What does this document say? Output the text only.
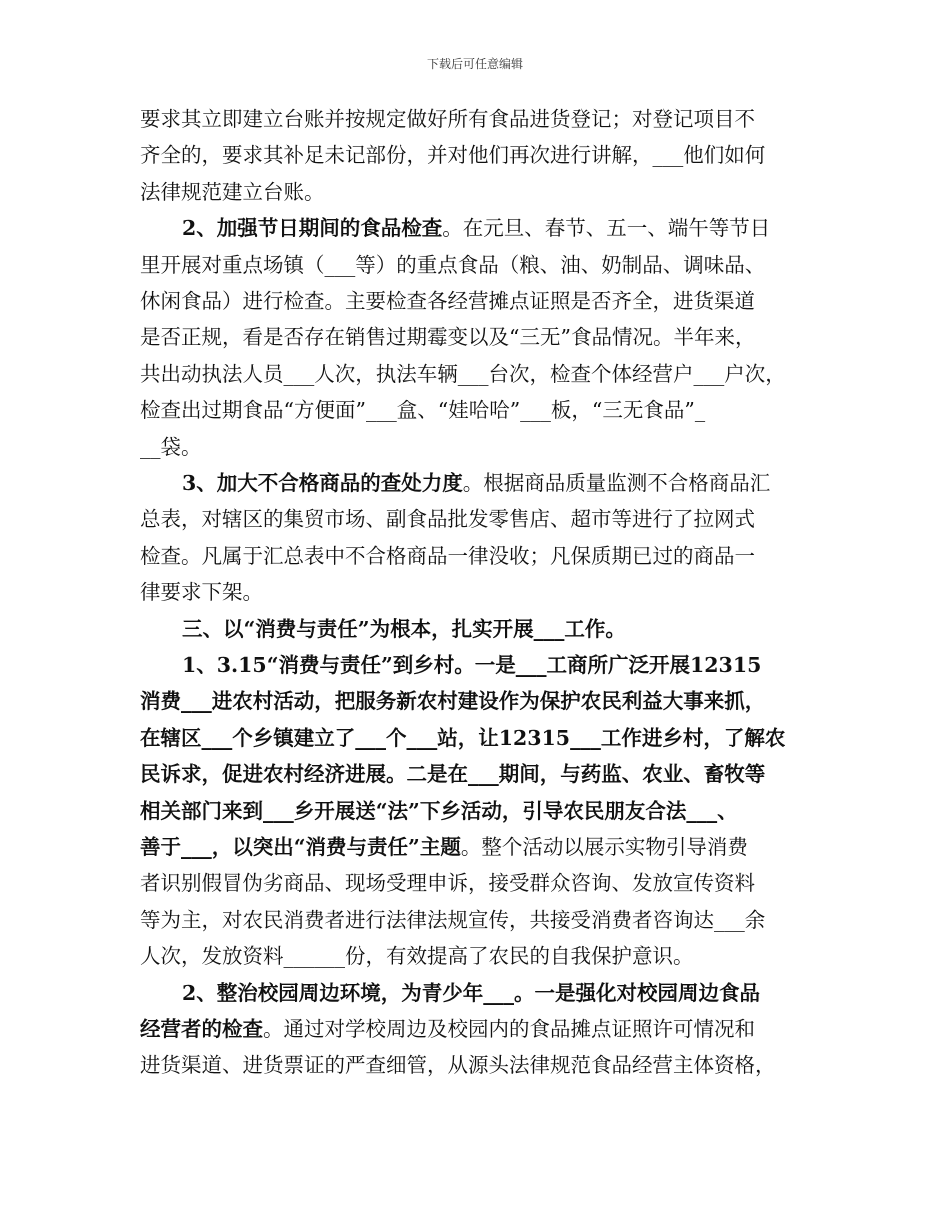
下载后可任意编辑
要求其立即建立台账并按规定做好所有食品进货登记；对登记项目不
齐全的，要求其补足未记部份，并对他们再次进行讲解，___他们如何
法律规范建立台账。
2、加强节日期间的食品检查。在元旦、春节、五一、端午等节日
里开展对重点场镇（___等）的重点食品（粮、油、奶制品、调味品、
休闲食品）进行检查。主要检查各经营摊点证照是否齐全，进货渠道
是否正规，看是否存在销售过期霉变以及“三无”食品情况。半年来，
共出动执法人员___人次，执法车辆___台次，检查个体经营户___户次，
检查出过期食品“方便面”___盒、“娃哈哈”___板，“三无食品”_
__袋。
3、加大不合格商品的查处力度。根据商品质量监测不合格商品汇
总表，对辖区的集贸市场、副食品批发零售店、超市等进行了拉网式
检查。凡属于汇总表中不合格商品一律没收；凡保质期已过的商品一
律要求下架。
三、以“消费与责任”为根本，扎实开展___工作。
1、3.15“消费与责任”到乡村。一是___工商所广泛开展12315
消费___进农村活动，把服务新农村建设作为保护农民利益大事来抓，
在辖区___个乡镇建立了___个___站，让12315___工作进乡村，了解农
民诉求，促进农村经济进展。二是在___期间，与药监、农业、畜牧等
相关部门来到___乡开展送“法”下乡活动，引导农民朋友合法___、
善于___，以突出“消费与责任”主题。整个活动以展示实物引导消费
者识别假冒伪劣商品、现场受理申诉，接受群众咨询、发放宣传资料
等为主，对农民消费者进行法律法规宣传，共接受消费者咨询达___余
人次，发放资料______份，有效提高了农民的自我保护意识。
2、整治校园周边环境，为青少年___。一是强化对校园周边食品
经营者的检查。通过对学校周边及校园内的食品摊点证照许可情况和
进货渠道、进货票证的严查细管，从源头法律规范食品经营主体资格，
